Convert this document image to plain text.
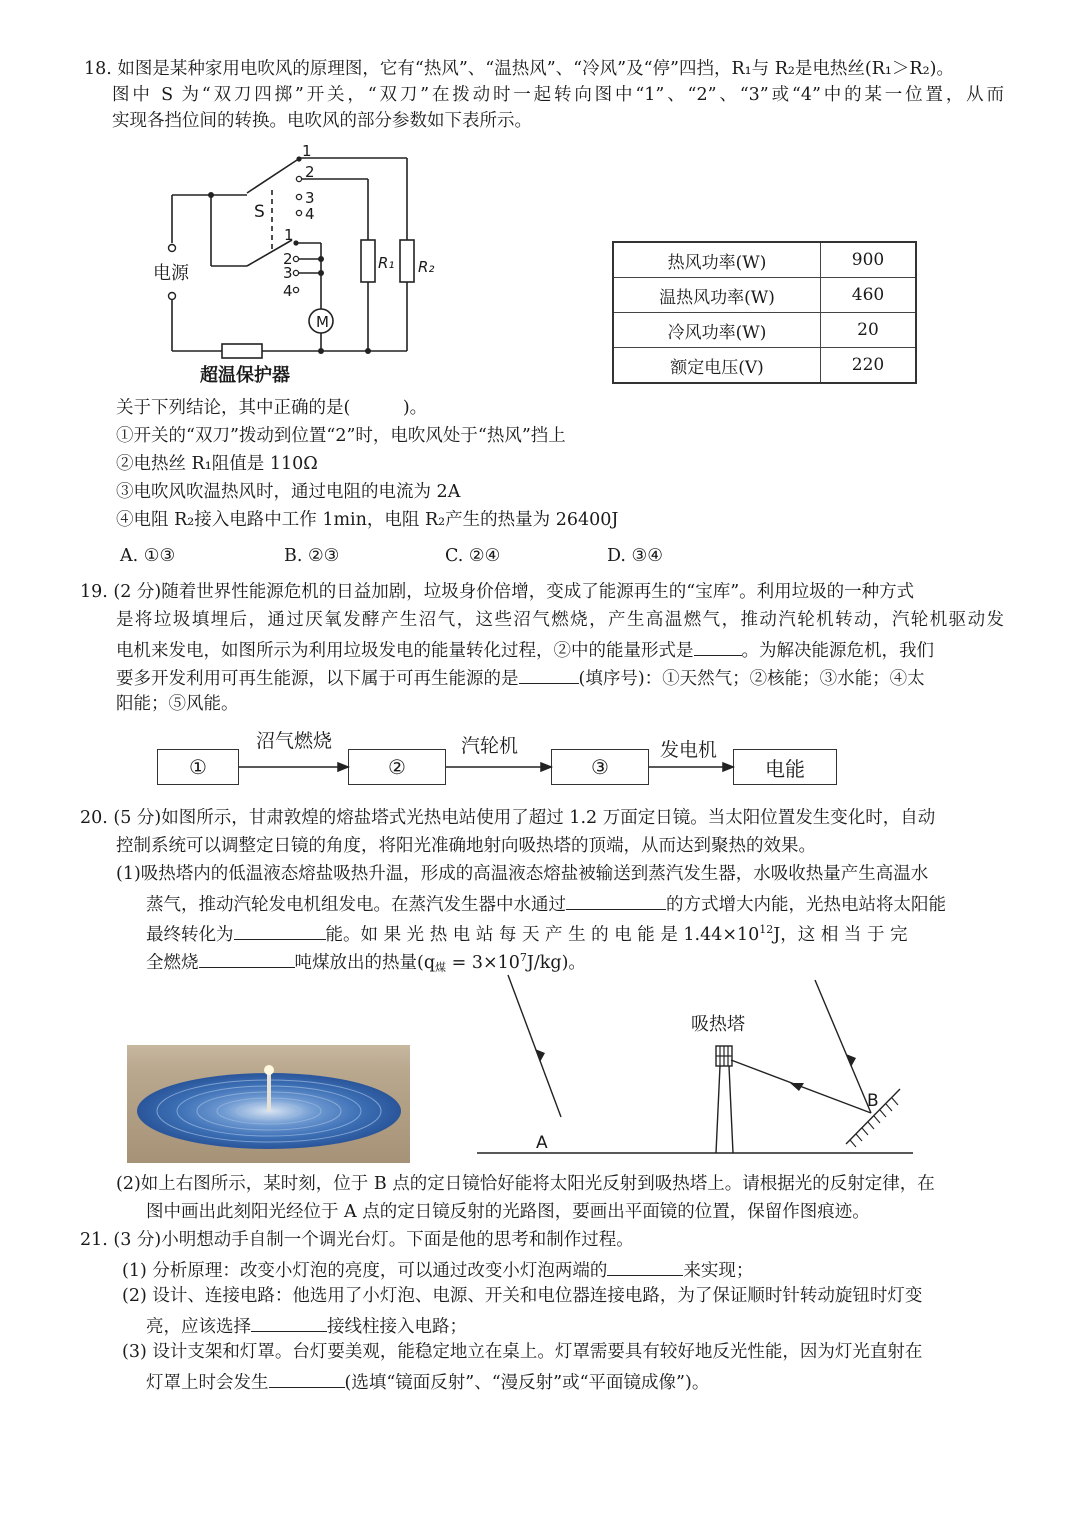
18. 如图是某种家用电吹风的原理图，它有“热风”、“温热风”、“冷风”及“停”四挡，R₁与 R₂是电热丝(R₁＞R₂)。
图中 S 为“双刀四掷”开关，“双刀”在拨动时一起转向图中“1”、“2”、“3”或“4”中的某一位置，从而
实现各挡位间的转换。电吹风的部分参数如下表所示。
M
电源
超温保护器
S
1
2
3
4
1
2
3
4
R₁ R₂	热风功率(W)	900
温热风功率(W)	460
冷风功率(W)	20
额定电压(V)	220
关于下列结论，其中正确的是(　　　)。
①开关的“双刀”拨动到位置“2”时，电吹风处于“热风”挡上
②电热丝 R₁阻值是 110Ω
③电吹风吹温热风时，通过电阻的电流为 2A
④电阻 R₂接入电路中工作 1min，电阻 R₂产生的热量为 26400J
A. ①③	B. ②③	C. ②④	D. ③④
19. (2 分)随着世界性能源危机的日益加剧，垃圾身价倍增，变成了能源再生的“宝库”。利用垃圾的一种方式
是将垃圾填埋后，通过厌氧发酵产生沼气，这些沼气燃烧，产生高温燃气，推动汽轮机转动，汽轮机驱动发
电机来发电，如图所示为利用垃圾发电的能量转化过程，②中的能量形式是	。为解决能源危机，我们
要多开发利用可再生能源，以下属于可再生能源的是	(填序号)：①天然气；②核能；③水能；④太
阳能；⑤风能。
①	②	③	电能
沼气燃烧	汽轮机	发电机
20. (5 分)如图所示，甘肃敦煌的熔盐塔式光热电站使用了超过 1.2 万面定日镜。当太阳位置发生变化时，自动
控制系统可以调整定日镜的角度，将阳光准确地射向吸热塔的顶端，从而达到聚热的效果。
(1)吸热塔内的低温液态熔盐吸热升温，形成的高温液态熔盐被输送到蒸汽发生器，水吸收热量产生高温水
蒸气，推动汽轮发电机组发电。在蒸汽发生器中水通过	的方式增大内能，光热电站将太阳能
最终转化为	能。如 果 光 热 电 站 每 天 产 生 的 电 能 是 $1.44\times 10^{12}J$，这 相 当 于 完
全燃烧	吨煤放出的热量$(q_煤 = 3\times 10^7J/kg)$。
吸热塔
A
B
(2)如上右图所示，某时刻，位于 B 点的定日镜恰好能将太阳光反射到吸热塔上。请根据光的反射定律，在
图中画出此刻阳光经位于 A 点的定日镜反射的光路图，要画出平面镜的位置，保留作图痕迹。
21. (3 分)小明想动手自制一个调光台灯。下面是他的思考和制作过程。
(1) 分析原理：改变小灯泡的亮度，可以通过改变小灯泡两端的	来实现；
(2) 设计、连接电路：他选用了小灯泡、电源、开关和电位器连接电路，为了保证顺时针转动旋钮时灯变
亮，应该选择	接线柱接入电路；
(3) 设计支架和灯罩。台灯要美观，能稳定地立在桌上。灯罩需要具有较好地反光性能，因为灯光直射在
灯罩上时会发生	(选填“镜面反射”、“漫反射”或“平面镜成像”)。
